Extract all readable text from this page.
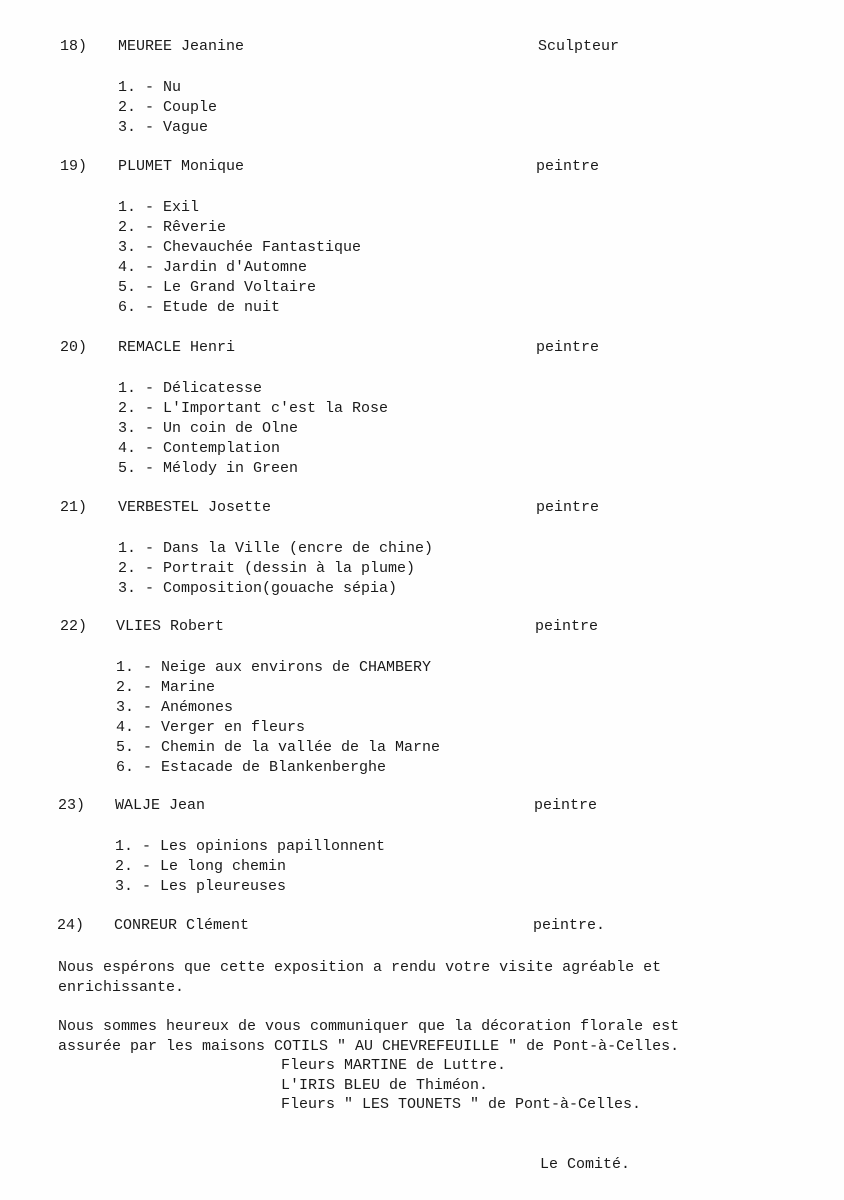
18) MEUREE Jeanine	Sculpteur
1. - Nu
2. - Couple
3. - Vague
19) PLUMET Monique	peintre
1. - Exil
2. - Rêverie
3. - Chevauchée Fantastique
4. - Jardin d'Automne
5. - Le Grand Voltaire
6. - Etude de nuit
20) REMACLE Henri	peintre
1. - Délicatesse
2. - L'Important c'est la Rose
3. - Un coin de Olne
4. - Contemplation
5. - Mélody in Green
21) VERBESTEL Josette	peintre
1. - Dans la Ville (encre de chine)
2. - Portrait (dessin à la plume)
3. - Composition(gouache sépia)
22) VLIES Robert	peintre
1. - Neige aux environs de CHAMBERY
2. - Marine
3. - Anémones
4. - Verger en fleurs
5. - Chemin de la vallée de la Marne
6. - Estacade de Blankenberghe
23) WALJE Jean	peintre
1. - Les opinions papillonnent
2. - Le long chemin
3. - Les pleureuses
24) CONREUR Clément	peintre.

Nous espérons que cette exposition a rendu votre visite agréable et
enrichissante.

Nous sommes heureux de vous communiquer que la décoration florale est
assurée par les maisons COTILS " AU CHEVREFEUILLE " de Pont-à-Celles.

Fleurs MARTINE de Luttre.
L'IRIS BLEU de Thiméon.
Fleurs " LES TOUNETS " de Pont-à-Celles.
Le Comité.
